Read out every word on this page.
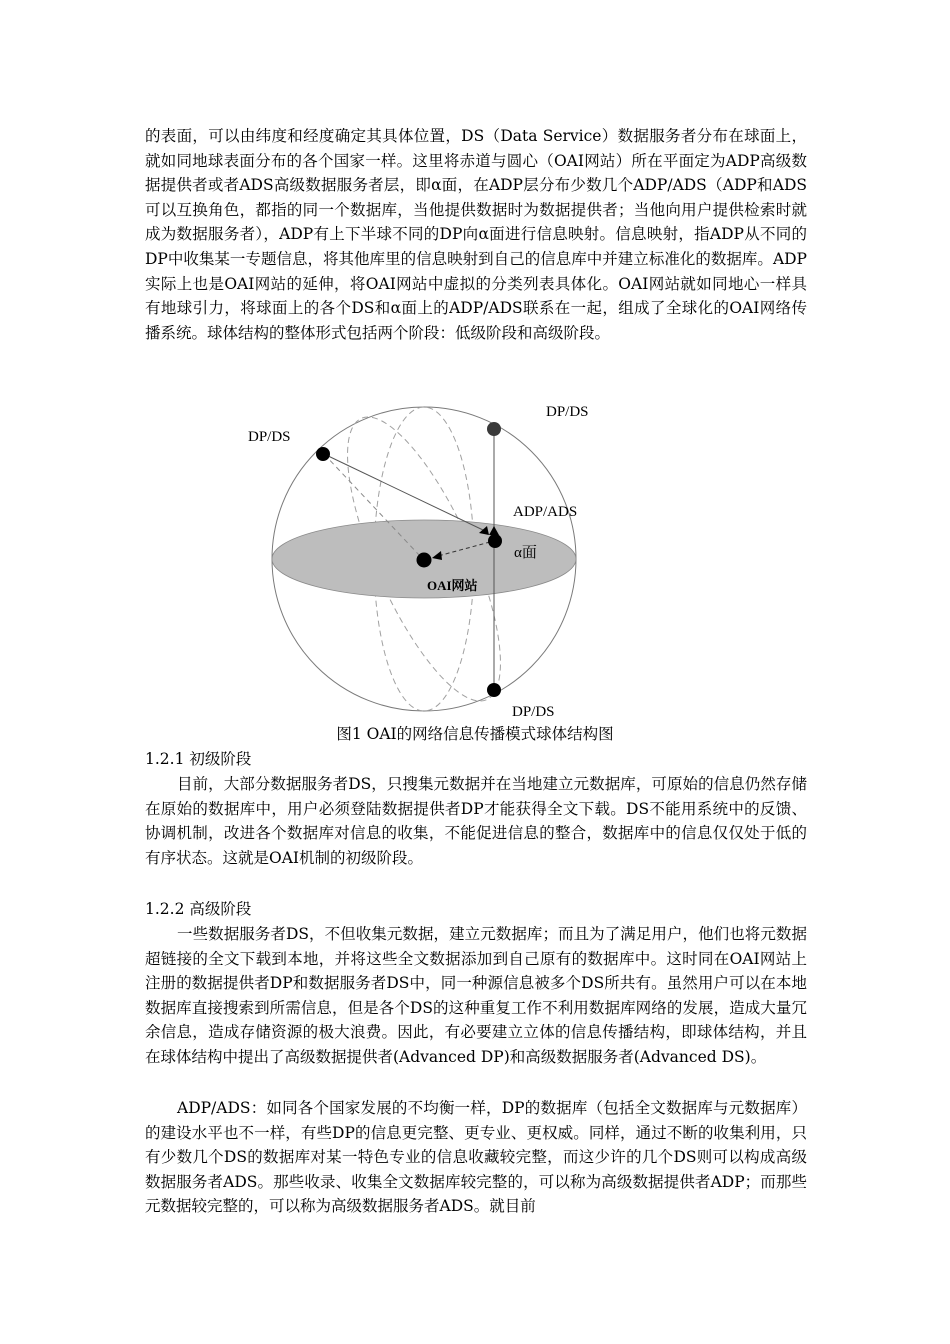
的表面，可以由纬度和经度确定其具体位置，DS（Data Service）数据服务者分布在球面上，就如同地球表面分布的各个国家一样。这里将赤道与圆心（OAI网站）所在平面定为ADP高级数据提供者或者ADS高级数据服务者层，即α面，在ADP层分布少数几个ADP/ADS（ADP和ADS可以互换角色，都指的同一个数据库，当他提供数据时为数据提供者；当他向用户提供检索时就成为数据服务者），ADP有上下半球不同的DP向α面进行信息映射。信息映射，指ADP从不同的DP中收集某一专题信息，将其他库里的信息映射到自己的信息库中并建立标准化的数据库。ADP实际上也是OAI网站的延伸，将OAI网站中虚拟的分类列表具体化。OAI网站就如同地心一样具有地球引力，将球面上的各个DS和α面上的ADP/ADS联系在一起，组成了全球化的OAI网络传播系统。球体结构的整体形式包括两个阶段：低级阶段和高级阶段。

DP/DS
DP/DS
ADP/ADS
α面
OAI网站
DP/DS

图1 OAI的网络信息传播模式球体结构图

1.2.1 初级阶段

目前，大部分数据服务者DS，只搜集元数据并在当地建立元数据库，可原始的信息仍然存储在原始的数据库中，用户必须登陆数据提供者DP才能获得全文下载。DS不能用系统中的反馈、协调机制，改进各个数据库对信息的收集，不能促进信息的整合，数据库中的信息仅仅处于低的有序状态。这就是OAI机制的初级阶段。

1.2.2 高级阶段

一些数据服务者DS，不但收集元数据，建立元数据库；而且为了满足用户，他们也将元数据超链接的全文下载到本地，并将这些全文数据添加到自己原有的数据库中。这时同在OAI网站上注册的数据提供者DP和数据服务者DS中，同一种源信息被多个DS所共有。虽然用户可以在本地数据库直接搜索到所需信息，但是各个DS的这种重复工作不利用数据库网络的发展，造成大量冗余信息，造成存储资源的极大浪费。因此，有必要建立立体的信息传播结构，即球体结构，并且在球体结构中提出了高级数据提供者(Advanced DP)和高级数据服务者(Advanced DS)。

ADP/ADS：如同各个国家发展的不均衡一样，DP的数据库（包括全文数据库与元数据库）的建设水平也不一样，有些DP的信息更完整、更专业、更权威。同样，通过不断的收集利用，只有少数几个DS的数据库对某一特色专业的信息收藏较完整，而这少许的几个DS则可以构成高级数据服务者ADS。那些收录、收集全文数据库较完整的，可以称为高级数据提供者ADP；而那些元数据较完整的，可以称为高级数据服务者ADS。就目前
